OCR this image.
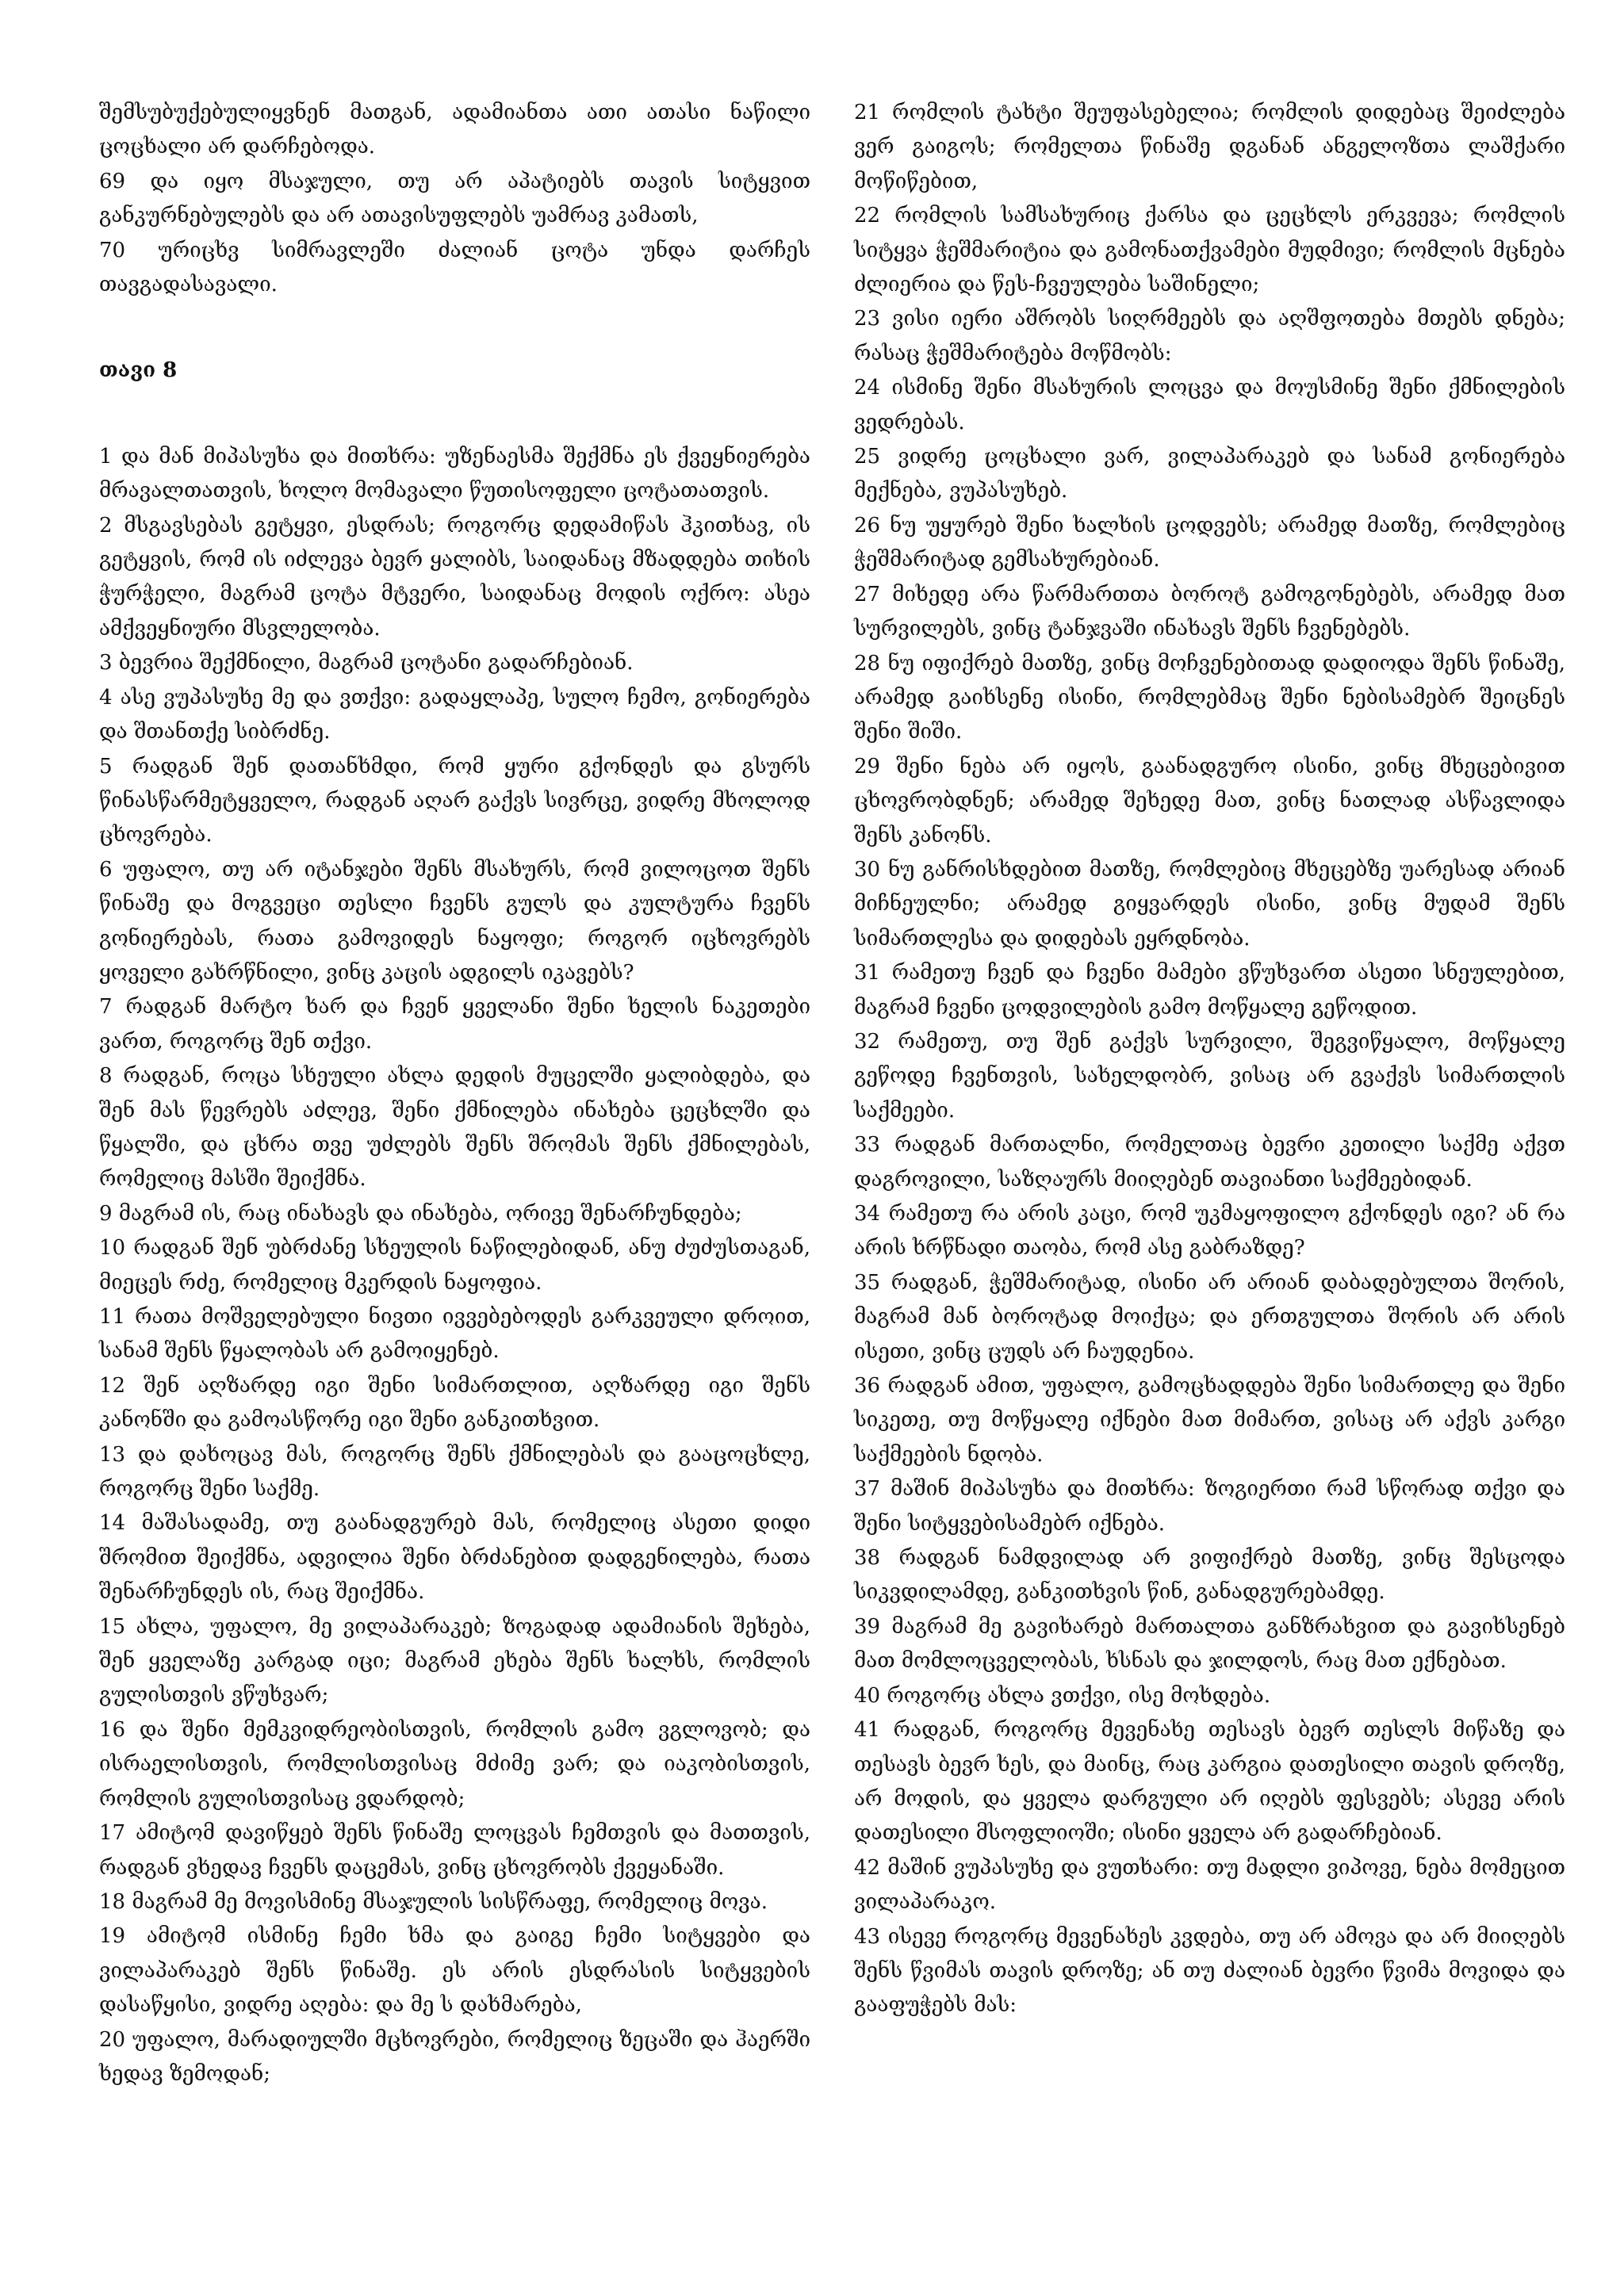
შემსუბუქებულიყვნენ მათგან, ადამიანთა ათი ათასი ნაწილი ცოცხალი არ დარჩებოდა.

69 და იყო მსაჯული, თუ არ აპატიებს თავის სიტყვით განკურნებულებს და არ ათავისუფლებს უამრავ კამათს,

70 ურიცხვ სიმრავლეში ძალიან ცოტა უნდა დარჩეს თავგადასავალი.

თავი 8

1 და მან მიპასუხა და მითხრა: უზენაესმა შექმნა ეს ქვეყნიერება მრავალთათვის, ხოლო მომავალი წუთისოფელი ცოტათათვის.

2 მსგავსებას გეტყვი, ესდრას; როგორც დედამიწას ჰკითხავ, ის გეტყვის, რომ ის იძლევა ბევრ ყალიბს, საიდანაც მზადდება თიხის ჭურჭელი, მაგრამ ცოტა მტვერი, საიდანაც მოდის ოქრო: ასეა ამქვეყნიური მსვლელობა.

3 ბევრია შექმნილი, მაგრამ ცოტანი გადარჩებიან.

4 ასე ვუპასუხე მე და ვთქვი: გადაყლაპე, სულო ჩემო, გონიერება და შთანთქე სიბრძნე.

5 რადგან შენ დათანხმდი, რომ ყური გქონდეს და გსურს წინასწარმეტყველო, რადგან აღარ გაქვს სივრცე, ვიდრე მხოლოდ ცხოვრება.

6 უფალო, თუ არ იტანჯები შენს მსახურს, რომ ვილოცოთ შენს წინაშე და მოგვეცი თესლი ჩვენს გულს და კულტურა ჩვენს გონიერებას, რათა გამოვიდეს ნაყოფი; როგორ იცხოვრებს ყოველი გახრწნილი, ვინც კაცის ადგილს იკავებს?

7 რადგან მარტო ხარ და ჩვენ ყველანი შენი ხელის ნაკეთები ვართ, როგორც შენ თქვი.

8 რადგან, როცა სხეული ახლა დედის მუცელში ყალიბდება, და შენ მას წევრებს აძლევ, შენი ქმნილება ინახება ცეცხლში და წყალში, და ცხრა თვე უძლებს შენს შრომას შენს ქმნილებას, რომელიც მასში შეიქმნა.

9 მაგრამ ის, რაც ინახავს და ინახება, ორივე შენარჩუნდება;

10 რადგან შენ უბრძანე სხეულის ნაწილებიდან, ანუ ძუძუსთაგან, მიეცეს რძე, რომელიც მკერდის ნაყოფია.

11 რათა მოშველებული ნივთი ივვებებოდეს გარკვეული დროით, სანამ შენს წყალობას არ გამოიყენებ.

12 შენ აღზარდე იგი შენი სიმართლით, აღზარდე იგი შენს კანონში და გამოასწორე იგი შენი განკითხვით.

13 და დახოცავ მას, როგორც შენს ქმნილებას და გააცოცხლე, როგორც შენი საქმე.

14 მაშასადამე, თუ გაანადგურებ მას, რომელიც ასეთი დიდი შრომით შეიქმნა, ადვილია შენი ბრძანებით დადგენილება, რათა შენარჩუნდეს ის, რაც შეიქმნა.

15 ახლა, უფალო, მე ვილაპარაკებ; ზოგადად ადამიანის შეხება, შენ ყველაზე კარგად იცი; მაგრამ ეხება შენს ხალხს, რომლის გულისთვის ვწუხვარ;

16 და შენი მემკვიდრეობისთვის, რომლის გამო ვგლოვობ; და ისრაელისთვის, რომლისთვისაც მძიმე ვარ; და იაკობისთვის, რომლის გულისთვისაც ვდარდობ;

17 ამიტომ დავიწყებ შენს წინაშე ლოცვას ჩემთვის და მათთვის, რადგან ვხედავ ჩვენს დაცემას, ვინც ცხოვრობს ქვეყანაში.

18 მაგრამ მე მოვისმინე მსაჯულის სისწრაფე, რომელიც მოვა.

19 ამიტომ ისმინე ჩემი ხმა და გაიგე ჩემი სიტყვები და ვილაპარაკებ შენს წინაშე. ეს არის ესდრასის სიტყვების დასაწყისი, ვიდრე აღება: და მე ს დახმარება,

20 უფალო, მარადიულში მცხოვრები, რომელიც ზეცაში და ჰაერში ხედავ ზემოდან;

21 რომლის ტახტი შეუფასებელია; რომლის დიდებაც შეიძლება ვერ გაიგოს; რომელთა წინაშე დგანან ანგელოზთა ლაშქარი მოწიწებით,

22 რომლის სამსახურიც ქარსა და ცეცხლს ერკვევა; რომლის სიტყვა ჭეშმარიტია და გამონათქვამები მუდმივი; რომლის მცნება ძლიერია და წეს-ჩვეულება საშინელი;

23 ვისი იერი აშრობს სიღრმეებს და აღშფოთება მთებს დნება; რასაც ჭეშმარიტება მოწმობს:

24 ისმინე შენი მსახურის ლოცვა და მოუსმინე შენი ქმნილების ვედრებას.

25 ვიდრე ცოცხალი ვარ, ვილაპარაკებ და სანამ გონიერება მექნება, ვუპასუხებ.

26 ნუ უყურებ შენი ხალხის ცოდვებს; არამედ მათზე, რომლებიც ჭეშმარიტად გემსახურებიან.

27 მიხედე არა წარმართთა ბოროტ გამოგონებებს, არამედ მათ სურვილებს, ვინც ტანჯვაში ინახავს შენს ჩვენებებს.

28 ნუ იფიქრებ მათზე, ვინც მოჩვენებითად დადიოდა შენს წინაშე, არამედ გაიხსენე ისინი, რომლებმაც შენი ნებისამებრ შეიცნეს შენი შიში.

29 შენი ნება არ იყოს, გაანადგურო ისინი, ვინც მხეცებივით ცხოვრობდნენ; არამედ შეხედე მათ, ვინც ნათლად ასწავლიდა შენს კანონს.

30 ნუ განრისხდებით მათზე, რომლებიც მხეცებზე უარესად არიან მიჩნეულნი; არამედ გიყვარდეს ისინი, ვინც მუდამ შენს სიმართლესა და დიდებას ეყრდნობა.

31 რამეთუ ჩვენ და ჩვენი მამები ვწუხვართ ასეთი სნეულებით, მაგრამ ჩვენი ცოდვილების გამო მოწყალე გეწოდით.

32 რამეთუ, თუ შენ გაქვს სურვილი, შეგვიწყალო, მოწყალე გეწოდე ჩვენთვის, სახელდობრ, ვისაც არ გვაქვს სიმართლის საქმეები.

33 რადგან მართალნი, რომელთაც ბევრი კეთილი საქმე აქვთ დაგროვილი, საზღაურს მიიღებენ თავიანთი საქმეებიდან.

34 რამეთუ რა არის კაცი, რომ უკმაყოფილო გქონდეს იგი? ან რა არის ხრწნადი თაობა, რომ ასე გაბრაზდე?

35 რადგან, ჭეშმარიტად, ისინი არ არიან დაბადებულთა შორის, მაგრამ მან ბოროტად მოიქცა; და ერთგულთა შორის არ არის ისეთი, ვინც ცუდს არ ჩაუდენია.

36 რადგან ამით, უფალო, გამოცხადდება შენი სიმართლე და შენი სიკეთე, თუ მოწყალე იქნები მათ მიმართ, ვისაც არ აქვს კარგი საქმეების ნდობა.

37 მაშინ მიპასუხა და მითხრა: ზოგიერთი რამ სწორად თქვი და შენი სიტყვებისამებრ იქნება.

38 რადგან ნამდვილად არ ვიფიქრებ მათზე, ვინც შესცოდა სიკვდილამდე, განკითხვის წინ, განადგურებამდე.

39 მაგრამ მე გავიხარებ მართალთა განზრახვით და გავიხსენებ მათ მომლოცველობას, ხსნას და ჯილდოს, რაც მათ ექნებათ.

40 როგორც ახლა ვთქვი, ისე მოხდება.

41 რადგან, როგორც მევენახე თესავს ბევრ თესლს მიწაზე და თესავს ბევრ ხეს, და მაინც, რაც კარგია დათესილი თავის დროზე, არ მოდის, და ყველა დარგული არ იღებს ფესვებს; ასევე არის დათესილი მსოფლიოში; ისინი ყველა არ გადარჩებიან.

42 მაშინ ვუპასუხე და ვუთხარი: თუ მადლი ვიპოვე, ნება მომეცით ვილაპარაკო.

43 ისევე როგორც მევენახეს კვდება, თუ არ ამოვა და არ მიიღებს შენს წვიმას თავის დროზე; ან თუ ძალიან ბევრი წვიმა მოვიდა და გააფუჭებს მას:
